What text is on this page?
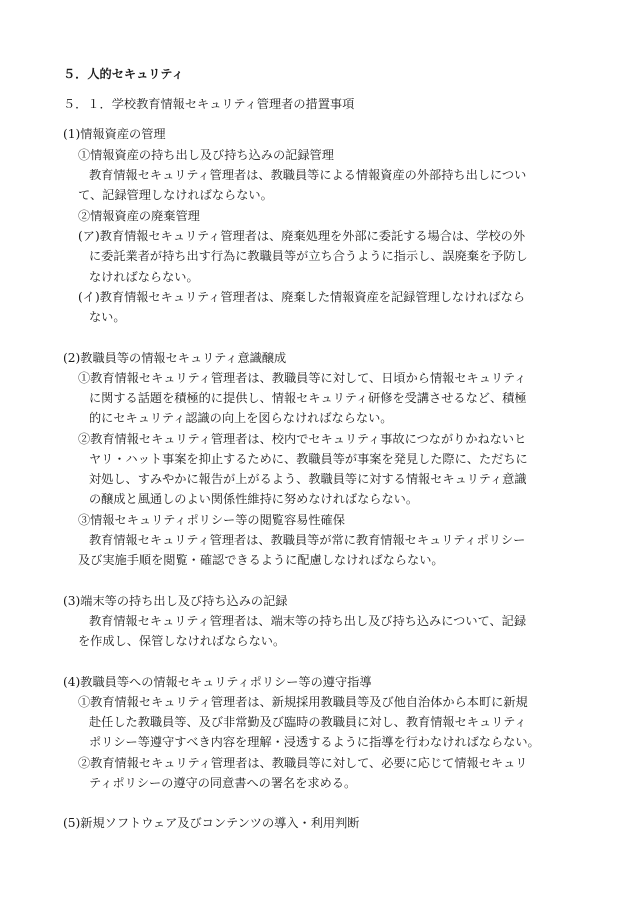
５．人的セキュリティ
５．１．学校教育情報セキュリティ管理者の措置事項
(1)情報資産の管理
①情報資産の持ち出し及び持ち込みの記録管理
教育情報セキュリティ管理者は、教職員等による情報資産の外部持ち出しについ
て、記録管理しなければならない。
②情報資産の廃棄管理
(ア)教育情報セキュリティ管理者は、廃棄処理を外部に委託する場合は、学校の外
に委託業者が持ち出す行為に教職員等が立ち合うように指示し、誤廃棄を予防し
なければならない。
(イ)教育情報セキュリティ管理者は、廃棄した情報資産を記録管理しなければなら
ない。
(2)教職員等の情報セキュリティ意識醸成
①教育情報セキュリティ管理者は、教職員等に対して、日頃から情報セキュリティ
に関する話題を積極的に提供し、情報セキュリティ研修を受講させるなど、積極
的にセキュリティ認識の向上を図らなければならない。
②教育情報セキュリティ管理者は、校内でセキュリティ事故につながりかねないヒ
ヤリ・ハット事案を抑止するために、教職員等が事案を発見した際に、ただちに
対処し、すみやかに報告が上がるよう、教職員等に対する情報セキュリティ意識
の醸成と風通しのよい関係性維持に努めなければならない。
③情報セキュリティポリシー等の閲覧容易性確保
教育情報セキュリティ管理者は、教職員等が常に教育情報セキュリティポリシー
及び実施手順を閲覧・確認できるように配慮しなければならない。
(3)端末等の持ち出し及び持ち込みの記録
教育情報セキュリティ管理者は、端末等の持ち出し及び持ち込みについて、記録
を作成し、保管しなければならない。
(4)教職員等への情報セキュリティポリシー等の遵守指導
①教育情報セキュリティ管理者は、新規採用教職員等及び他自治体から本町に新規
赴任した教職員等、及び非常勤及び臨時の教職員に対し、教育情報セキュリティ
ポリシー等遵守すべき内容を理解・浸透するように指導を行わなければならない。
②教育情報セキュリティ管理者は、教職員等に対して、必要に応じて情報セキュリ
ティポリシーの遵守の同意書への署名を求める。
(5)新規ソフトウェア及びコンテンツの導入・利用判断
